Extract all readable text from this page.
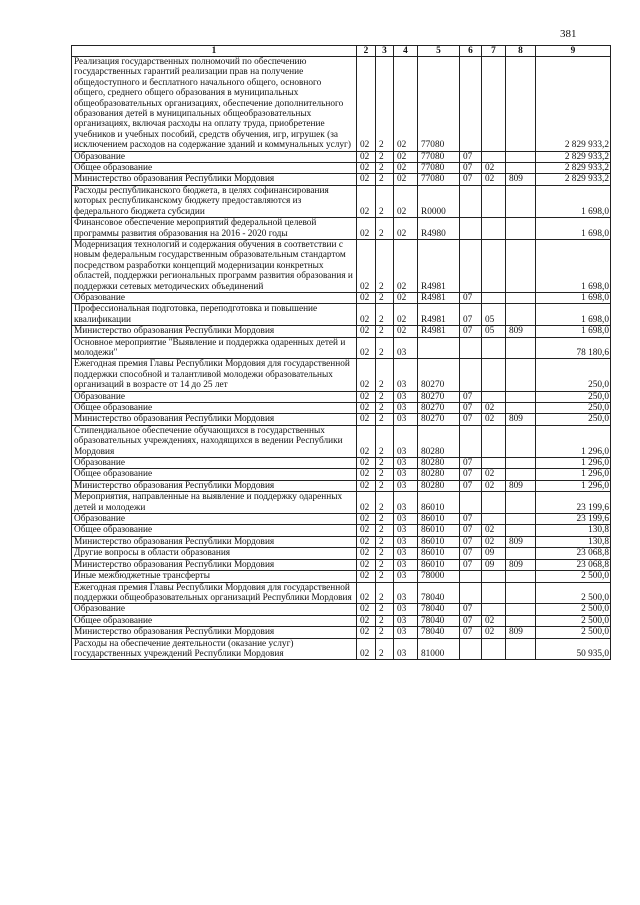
381
1	2	3	4	5	6	7	8	9
Реализация государственных полномочий по обеспечению государственных гарантий реализации прав на получение общедоступного и бесплатного начального общего, основного общего, среднего общего образования в муниципальных общеобразовательных организациях, обеспечение дополнительного образования детей в муниципальных общеобразовательных организациях, включая расходы на оплату труда, приобретение учебников и учебных пособий, средств обучения, игр, игрушек (за исключением расходов на содержание зданий и коммунальных услуг)	02	2	02	77080				2 829 933,2
Образование	02	2	02	77080	07			2 829 933,2
Общее образование	02	2	02	77080	07	02		2 829 933,2
Министерство образования Республики Мордовия	02	2	02	77080	07	02	809	2 829 933,2
Расходы республиканского бюджета, в целях софинансирования которых республиканскому бюджету предоставляются из федерального бюджета субсидии	02	2	02	R0000				1 698,0
Финансовое обеспечение мероприятий федеральной целевой программы развития образования на 2016 - 2020 годы	02	2	02	R4980				1 698,0
Модернизация технологий и содержания обучения в соответствии с новым федеральным государственным образовательным стандартом посредством разработки концепций модернизации конкретных областей, поддержки региональных программ развития образования и поддержки сетевых методических объединений	02	2	02	R4981				1 698,0
Образование	02	2	02	R4981	07			1 698,0
Профессиональная подготовка, переподготовка и повышение квалификации	02	2	02	R4981	07	05		1 698,0
Министерство образования Республики Мордовия	02	2	02	R4981	07	05	809	1 698,0
Основное мероприятие "Выявление и поддержка одаренных детей и молодежи"	02	2	03					78 180,6
Ежегодная премия Главы Республики Мордовия для государственной поддержки способной и талантливой молодежи образовательных организаций в возрасте от 14 до 25 лет	02	2	03	80270				250,0
Образование	02	2	03	80270	07			250,0
Общее образование	02	2	03	80270	07	02		250,0
Министерство образования Республики Мордовия	02	2	03	80270	07	02	809	250,0
Стипендиальное обеспечение обучающихся в государственных образовательных учреждениях, находящихся в ведении Республики Мордовия	02	2	03	80280				1 296,0
Образование	02	2	03	80280	07			1 296,0
Общее образование	02	2	03	80280	07	02		1 296,0
Министерство образования Республики Мордовия	02	2	03	80280	07	02	809	1 296,0
Мероприятия, направленные на выявление и поддержку одаренных детей и молодежи	02	2	03	86010				23 199,6
Образование	02	2	03	86010	07			23 199,6
Общее образование	02	2	03	86010	07	02		130,8
Министерство образования Республики Мордовия	02	2	03	86010	07	02	809	130,8
Другие вопросы в области образования	02	2	03	86010	07	09		23 068,8
Министерство образования Республики Мордовия	02	2	03	86010	07	09	809	23 068,8
Иные межбюджетные трансферты	02	2	03	78000				2 500,0
Ежегодная премия Главы Республики Мордовия для государственной поддержки общеобразовательных организаций Республики Мордовия	02	2	03	78040				2 500,0
Образование	02	2	03	78040	07			2 500,0
Общее образование	02	2	03	78040	07	02		2 500,0
Министерство образования Республики Мордовия	02	2	03	78040	07	02	809	2 500,0
Расходы на обеспечение деятельности (оказание услуг) государственных учреждений Республики Мордовия	02	2	03	81000				50 935,0
